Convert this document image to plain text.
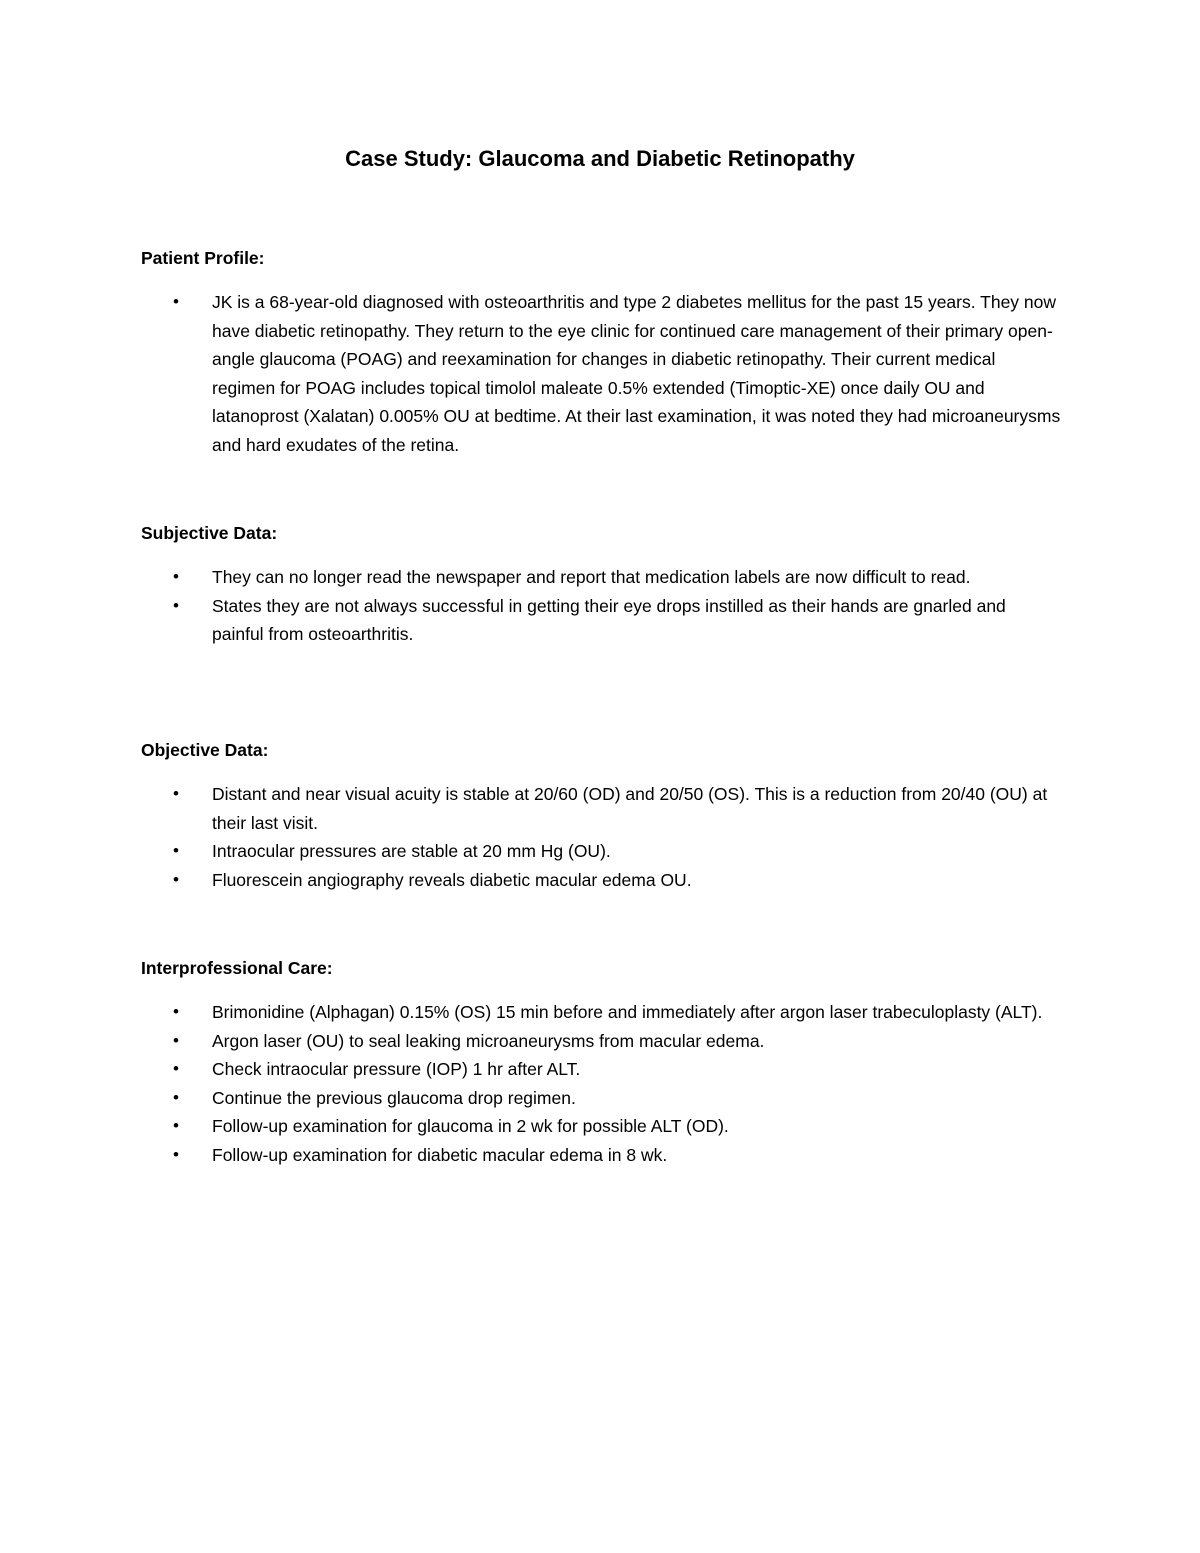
Case Study: Glaucoma and Diabetic Retinopathy
Patient Profile:
• JK is a 68-year-old diagnosed with osteoarthritis and type 2 diabetes mellitus for the past 15 years. They now have diabetic retinopathy. They return to the eye clinic for continued care management of their primary open-angle glaucoma (POAG) and reexamination for changes in diabetic retinopathy. Their current medical regimen for POAG includes topical timolol maleate 0.5% extended (Timoptic-XE) once daily OU and latanoprost (Xalatan) 0.005% OU at bedtime. At their last examination, it was noted they had microaneurysms and hard exudates of the retina.
Subjective Data:
• They can no longer read the newspaper and report that medication labels are now difficult to read.
• States they are not always successful in getting their eye drops instilled as their hands are gnarled and painful from osteoarthritis.
Objective Data:
• Distant and near visual acuity is stable at 20/60 (OD) and 20/50 (OS). This is a reduction from 20/40 (OU) at their last visit.
• Intraocular pressures are stable at 20 mm Hg (OU).
• Fluorescein angiography reveals diabetic macular edema OU.
Interprofessional Care:
• Brimonidine (Alphagan) 0.15% (OS) 15 min before and immediately after argon laser trabeculoplasty (ALT).
• Argon laser (OU) to seal leaking microaneurysms from macular edema.
• Check intraocular pressure (IOP) 1 hr after ALT.
• Continue the previous glaucoma drop regimen.
• Follow-up examination for glaucoma in 2 wk for possible ALT (OD).
• Follow-up examination for diabetic macular edema in 8 wk.
